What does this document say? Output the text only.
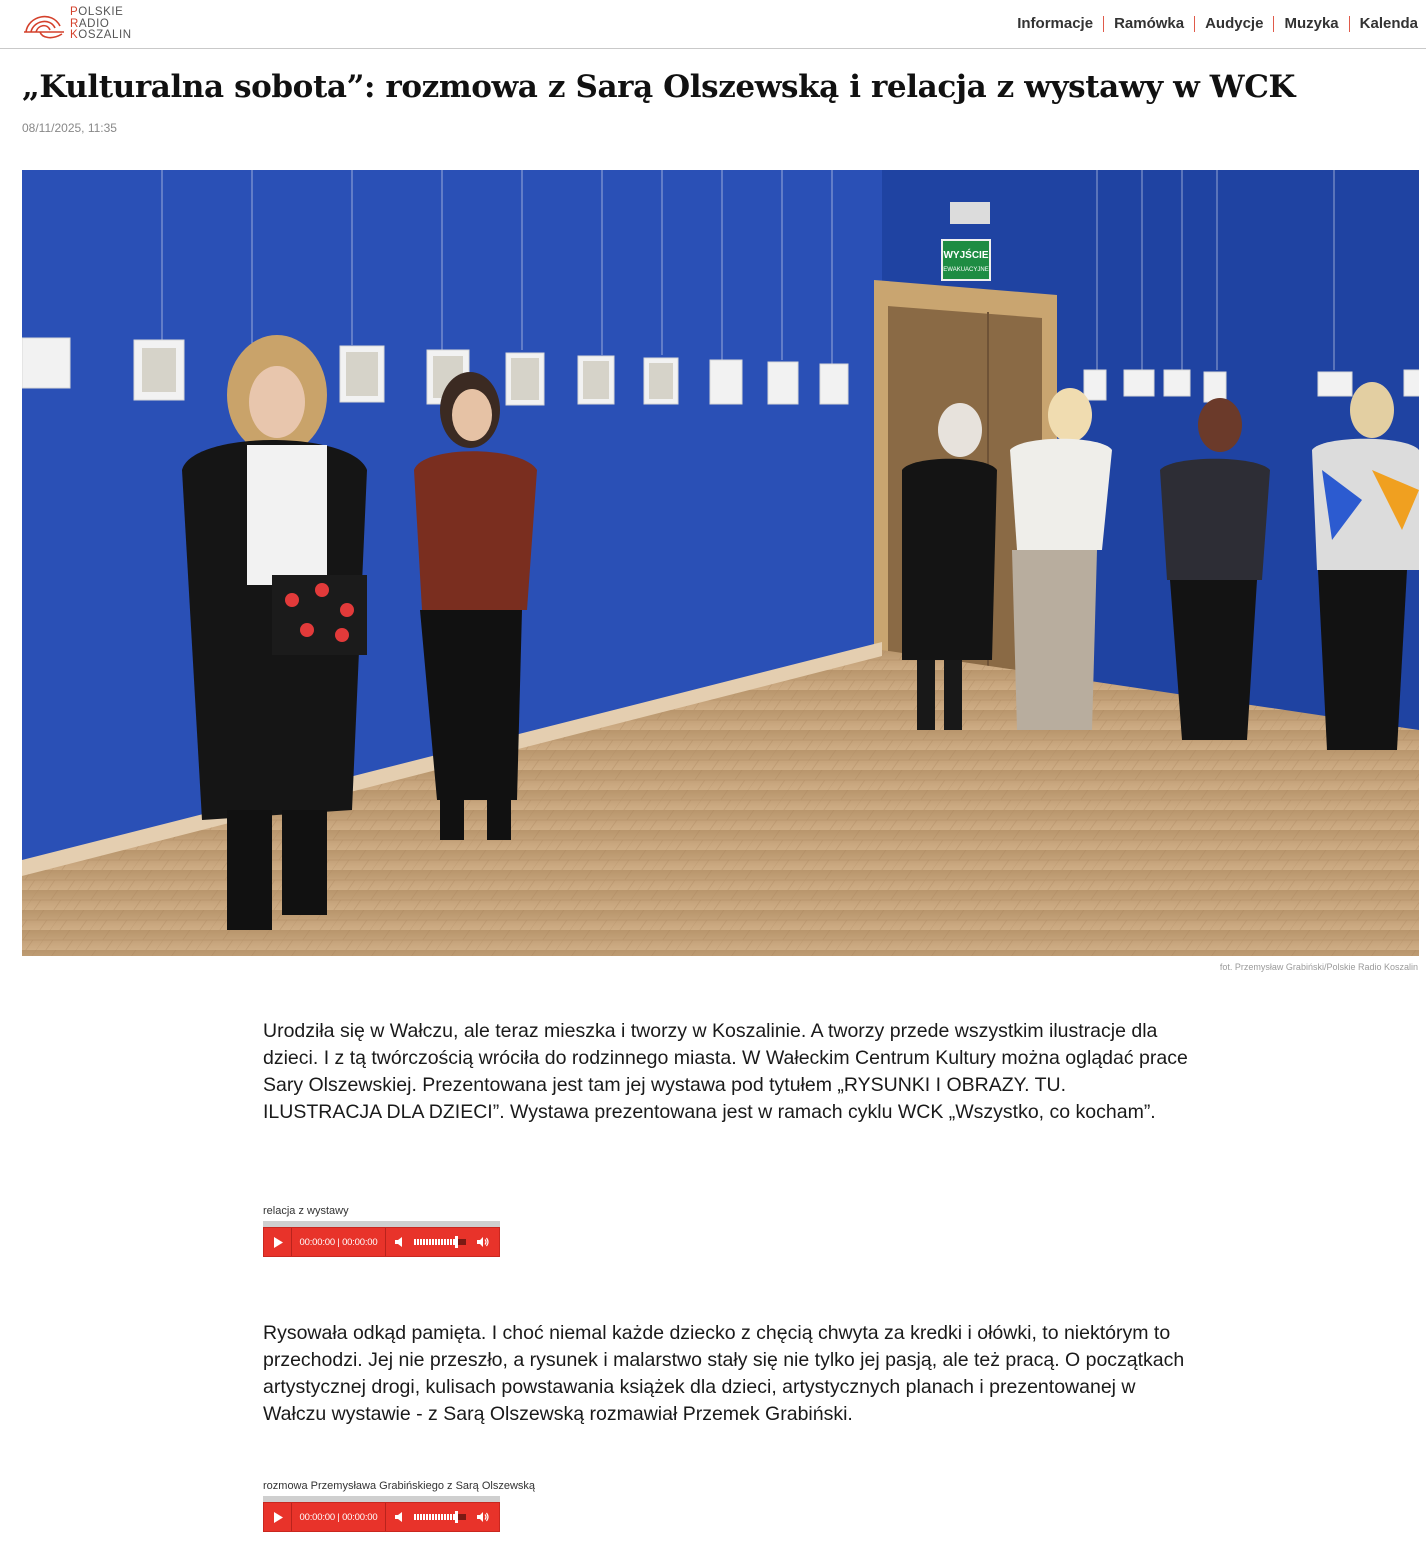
POLSKIE
RADIO
KOSZALIN
Informacje	Ramówka	Audycje	Muzyka	Kalenda
„Kulturalna sobota”: rozmowa z Sarą Olszewską i relacja z wystawy w WCK
08/11/2025, 11:35
WYJŚCIE
EWAKUACYJNE
fot. Przemysław Grabiński/Polskie Radio Koszalin

Urodziła się w Wałczu, ale teraz mieszka i tworzy w Koszalinie. A tworzy przede wszystkim ilustracje dla dzieci. I z tą twórczością wróciła do rodzinnego miasta. W Wałeckim Centrum Kultury można oglądać prace Sary Olszewskiej. Prezentowana jest tam jej wystawa pod tytułem „RYSUNKI I OBRAZY. TU. ILUSTRACJA DLA DZIECI”. Wystawa prezentowana jest w ramach cyklu WCK „Wszystko, co kocham”.

relacja z wystawy
00:00:00 | 00:00:00

Rysowała odkąd pamięta. I choć niemal każde dziecko z chęcią chwyta za kredki i ołówki, to niektórym to przechodzi. Jej nie przeszło, a rysunek i malarstwo stały się nie tylko jej pasją, ale też pracą. O początkach artystycznej drogi, kulisach powstawania książek dla dzieci, artystycznych planach i prezentowanej w Wałczu wystawie - z Sarą Olszewską rozmawiał Przemek Grabiński.

rozmowa Przemysława Grabińskiego z Sarą Olszewską
00:00:00 | 00:00:00
